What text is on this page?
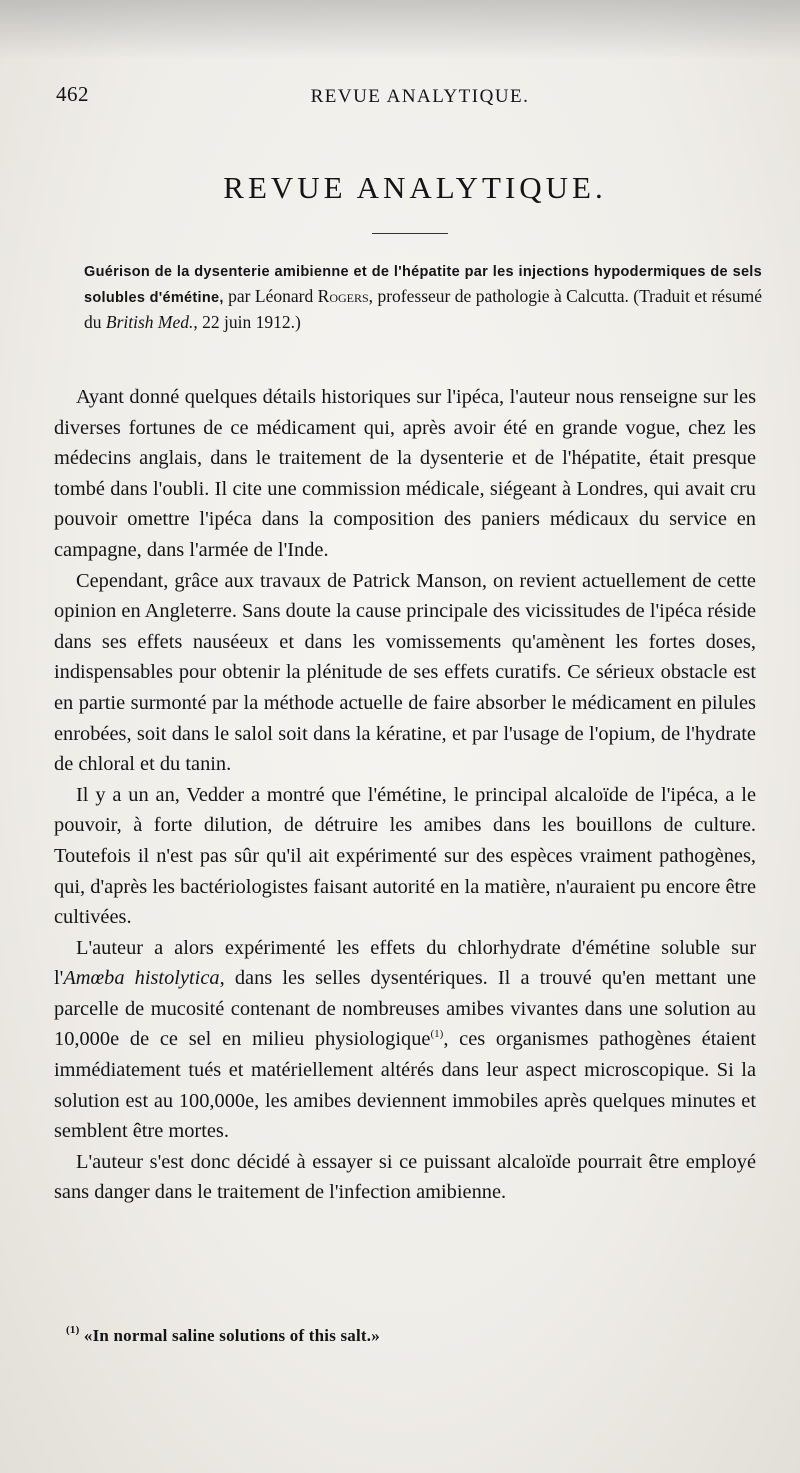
462	REVUE ANALYTIQUE.
REVUE ANALYTIQUE.
Guérison de la dysenterie amibienne et de l'hépatite par les injections hypodermiques de sels solubles d'émétine, par Léonard Rogers, professeur de pathologie à Calcutta. (Traduit et résumé du British Med., 22 juin 1912.)

Ayant donné quelques détails historiques sur l'ipéca, l'auteur nous renseigne sur les diverses fortunes de ce médicament qui, après avoir été en grande vogue, chez les médecins anglais, dans le traitement de la dysenterie et de l'hépatite, était presque tombé dans l'oubli. Il cite une commission médicale, siégeant à Londres, qui avait cru pouvoir omettre l'ipéca dans la composition des paniers médicaux du service en campagne, dans l'armée de l'Inde.

Cependant, grâce aux travaux de Patrick Manson, on revient actuellement de cette opinion en Angleterre. Sans doute la cause principale des vicissitudes de l'ipéca réside dans ses effets nauséeux et dans les vomissements qu'amènent les fortes doses, indispensables pour obtenir la plénitude de ses effets curatifs. Ce sérieux obstacle est en partie surmonté par la méthode actuelle de faire absorber le médicament en pilules enrobées, soit dans le salol soit dans la kératine, et par l'usage de l'opium, de l'hydrate de chloral et du tanin.

Il y a un an, Vedder a montré que l'émétine, le principal alcaloïde de l'ipéca, a le pouvoir, à forte dilution, de détruire les amibes dans les bouillons de culture. Toutefois il n'est pas sûr qu'il ait expérimenté sur des espèces vraiment pathogènes, qui, d'après les bactériologistes faisant autorité en la matière, n'auraient pu encore être cultivées.

L'auteur a alors expérimenté les effets du chlorhydrate d'émétine soluble sur l'Amœba histolytica, dans les selles dysentériques. Il a trouvé qu'en mettant une parcelle de mucosité contenant de nombreuses amibes vivantes dans une solution au 10,000e de ce sel en milieu physiologique$^{(1)}$, ces organismes pathogènes étaient immédiatement tués et matériellement altérés dans leur aspect microscopique. Si la solution est au 100,000e, les amibes deviennent immobiles après quelques minutes et semblent être mortes.

L'auteur s'est donc décidé à essayer si ce puissant alcaloïde pourrait être employé sans danger dans le traitement de l'infection amibienne.

$^{(1)}$ «In normal saline solutions of this salt.»
